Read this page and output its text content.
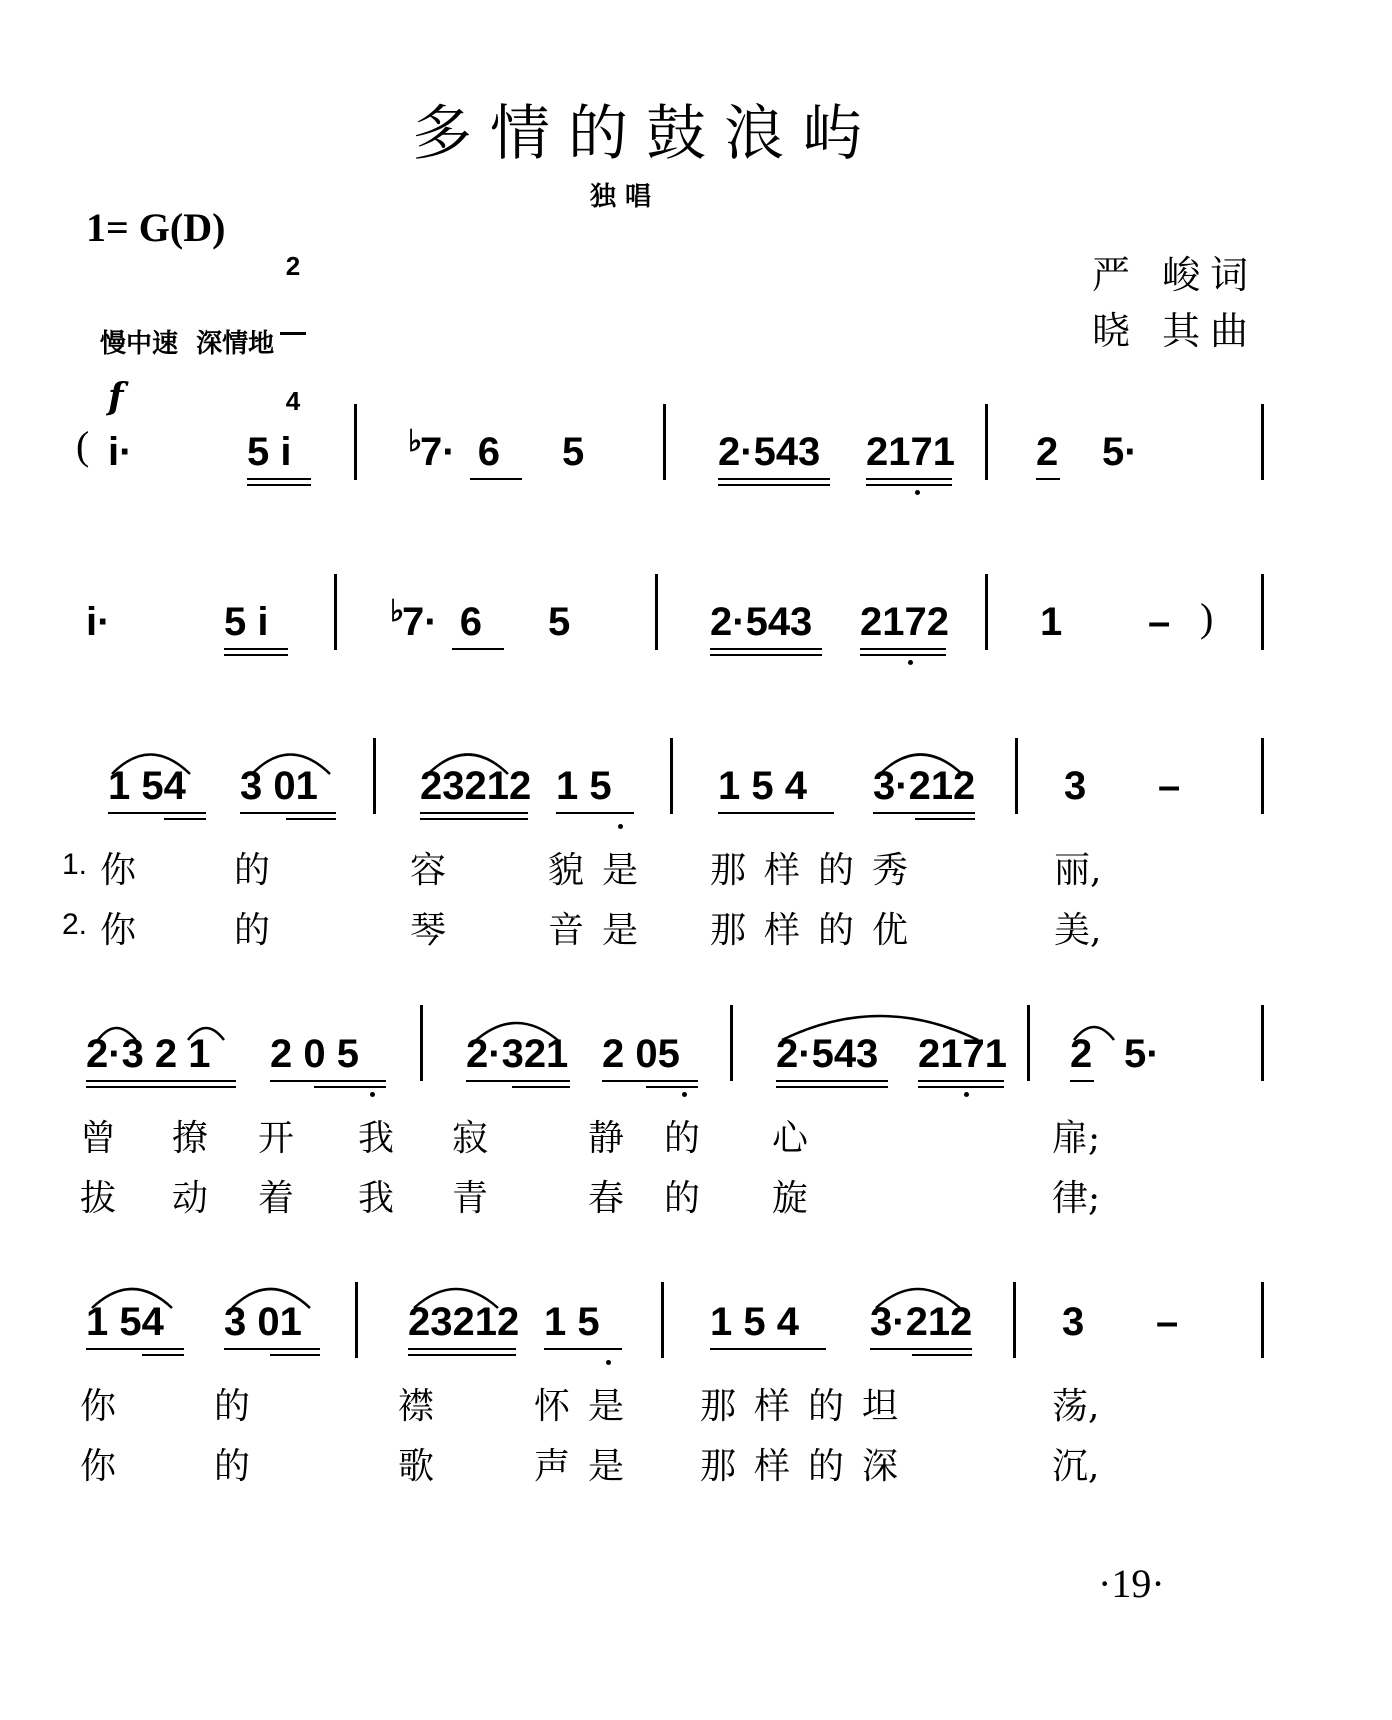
多情的鼓浪屿
独 唱
1= G(D)

2

4

严 峻词
晓 其曲
慢中速  深情地
f
( i·	5 i	♭
7·  6 5	2·543 2171 2 5·
i·	5 i	♭
7·  6 5	2·543 2172 1 – )
1 54 3 01	23212 1 5	1 5 4 3·212 3 –
1. 你	的	容	貌 是 那 样 的 秀	丽,
2. 你	的	琴	音 是 那 样 的 优	美,
2·3 2 1 2 0 5	2·321 2 05 2·543 2171 2 5·
曾 撩 开 我 寂	静 的 心	扉;
拔 动 着 我 青	春 的 旋	律;
1 54 3 01	23212 1 5	1 5 4 3·212 3 –
你	的	襟	怀 是 那 样 的 坦	荡,
你	的	歌	声 是 那 样 的 深	沉,
·19·
